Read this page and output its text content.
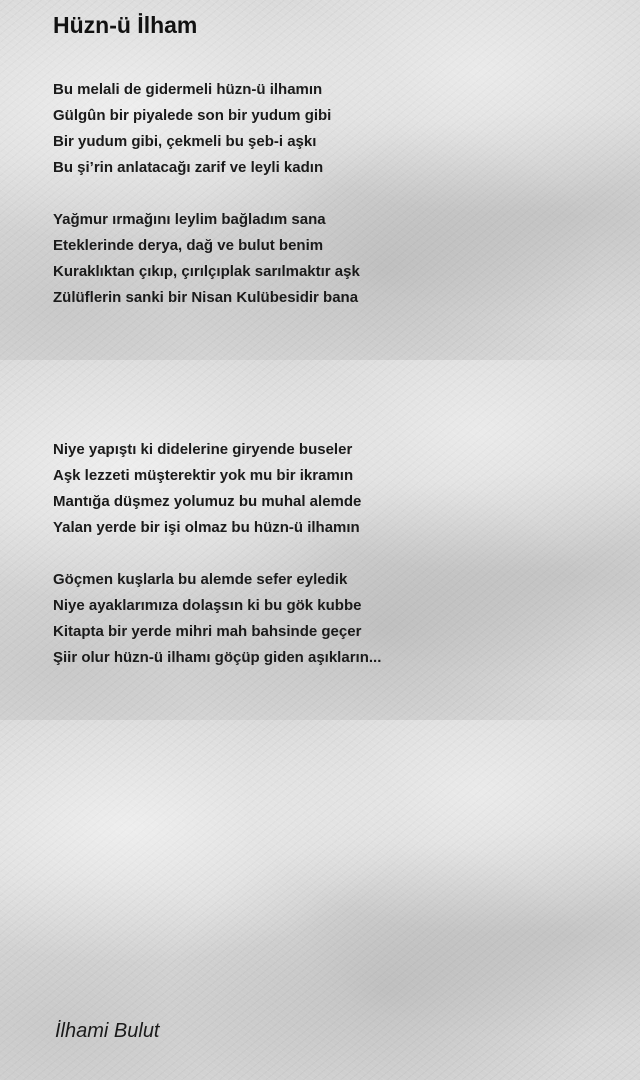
Hüzn-ü İlham
Bu melali de gidermeli hüzn-ü ilhamın
Gülgûn bir piyalede son bir yudum gibi
Bir yudum gibi, çekmeli bu şeb-i aşkı
Bu şi’rin anlatacağı zarif ve leyli kadın
Yağmur ırmağını leylim bağladım sana
Eteklerinde derya, dağ ve bulut benim
Kuraklıktan çıkıp, çırılçıplak sarılmaktır aşk
Zülüflerin sanki bir Nisan Kulübesidir bana
Niye yapıştı ki didelerine giryende buseler
Aşk lezzeti müşterektir yok mu bir ikramın
Mantığa düşmez yolumuz bu muhal alemde
Yalan yerde bir işi olmaz bu hüzn-ü ilhamın
Göçmen kuşlarla bu alemde sefer eyledik
Niye ayaklarımıza dolaşsın ki bu gök kubbe
Kitapta bir yerde mihri mah bahsinde geçer
Şiir olur hüzn-ü ilhamı göçüp giden aşıkların...

İlhami Bulut
